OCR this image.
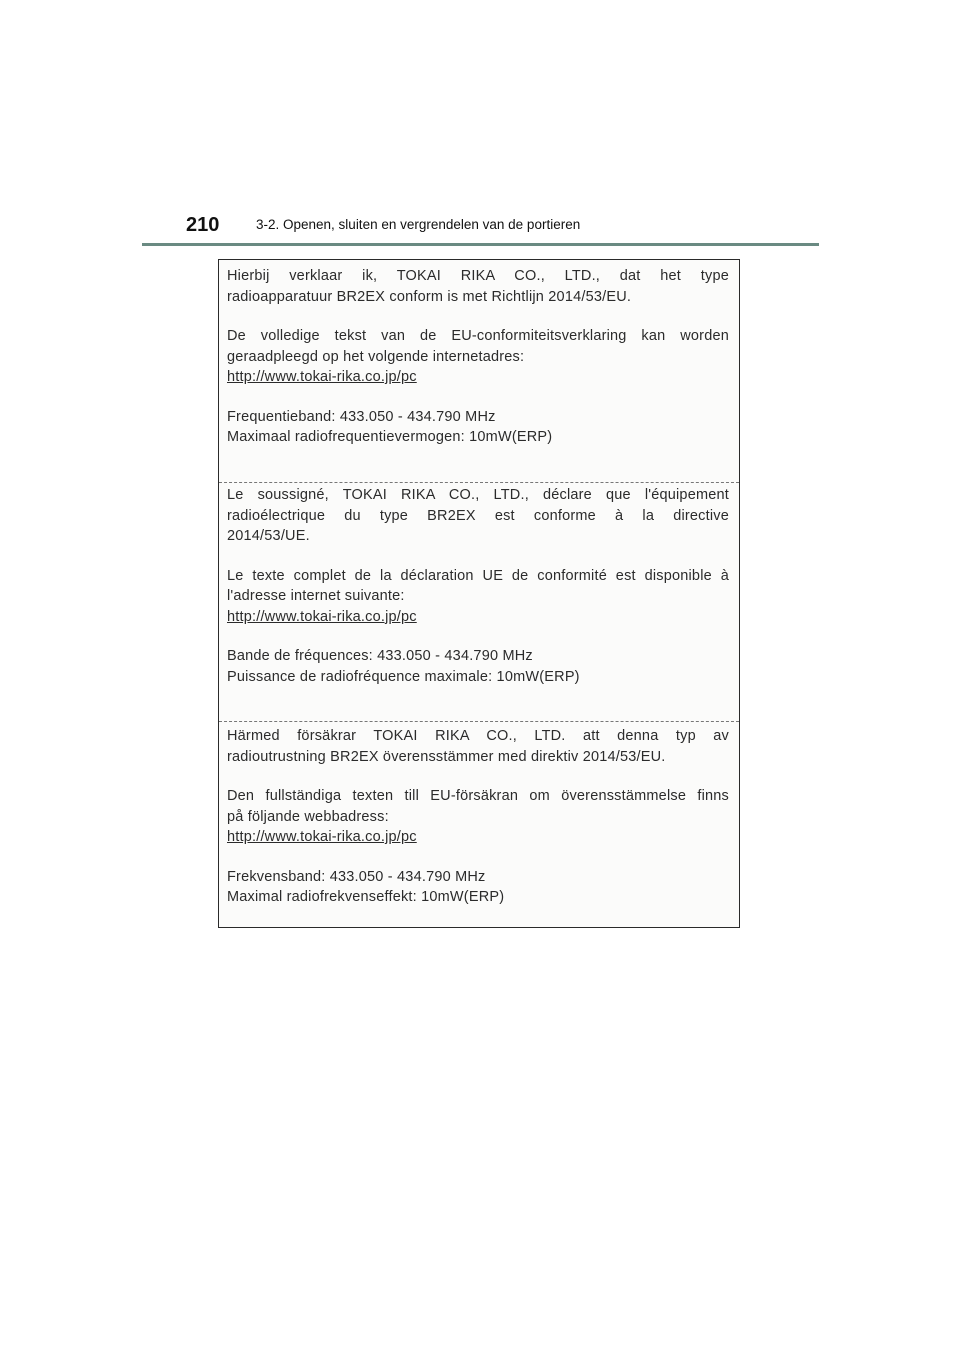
210	3-2. Openen, sluiten en vergrendelen van de portieren

Hierbij verklaar ik, TOKAI RIKA CO., LTD., dat het type

radioapparatuur BR2EX conform is met Richtlijn 2014/53/EU.

De volledige tekst van de EU-conformiteitsverklaring kan worden

geraadpleegd op het volgende internetadres:

http://www.tokai-rika.co.jp/pc

Frequentieband: 433.050 - 434.790 MHz

Maximaal radiofrequentievermogen: 10mW(ERP)

Le soussigné, TOKAI RIKA CO., LTD., déclare que l'équipement

radioélectrique du type BR2EX est conforme à la directive

2014/53/UE.

Le texte complet de la déclaration UE de conformité est disponible à

l'adresse internet suivante:

http://www.tokai-rika.co.jp/pc

Bande de fréquences: 433.050 - 434.790 MHz

Puissance de radiofréquence maximale: 10mW(ERP)

Härmed försäkrar TOKAI RIKA CO., LTD. att denna typ av

radioutrustning BR2EX överensstämmer med direktiv 2014/53/EU.

Den fullständiga texten till EU-försäkran om överensstämmelse finns

på följande webbadress:

http://www.tokai-rika.co.jp/pc

Frekvensband: 433.050 - 434.790 MHz

Maximal radiofrekvenseffekt: 10mW(ERP)
